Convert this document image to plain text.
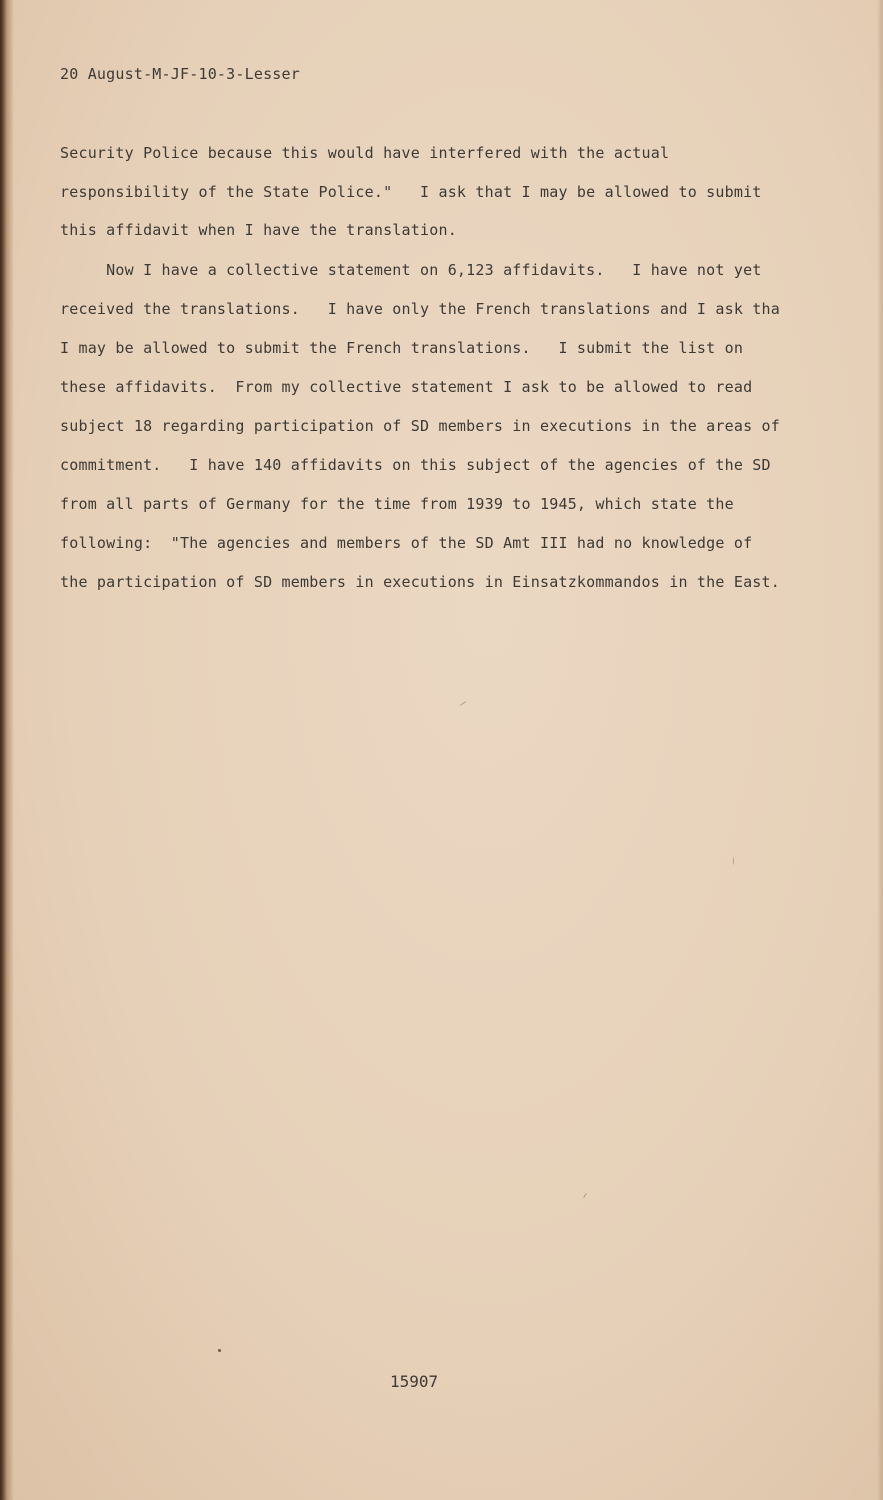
20 August-M-JF-10-3-Lesser
Security Police because this would have interfered with the actual
responsibility of the State Police."   I ask that I may be allowed to submit
this affidavit when I have the translation.
Now I have a collective statement on 6,123 affidavits.   I have not yet
received the translations.   I have only the French translations and I ask tha
I may be allowed to submit the French translations.   I submit the list on
these affidavits.  From my collective statement I ask to be allowed to read
subject 18 regarding participation of SD members in executions in the areas of
commitment.   I have 140 affidavits on this subject of the agencies of the SD
from all parts of Germany for the time from 1939 to 1945, which state the
following:  "The agencies and members of the SD Amt III had no knowledge of
the participation of SD members in executions in Einsatzkommandos in the East.
15907
